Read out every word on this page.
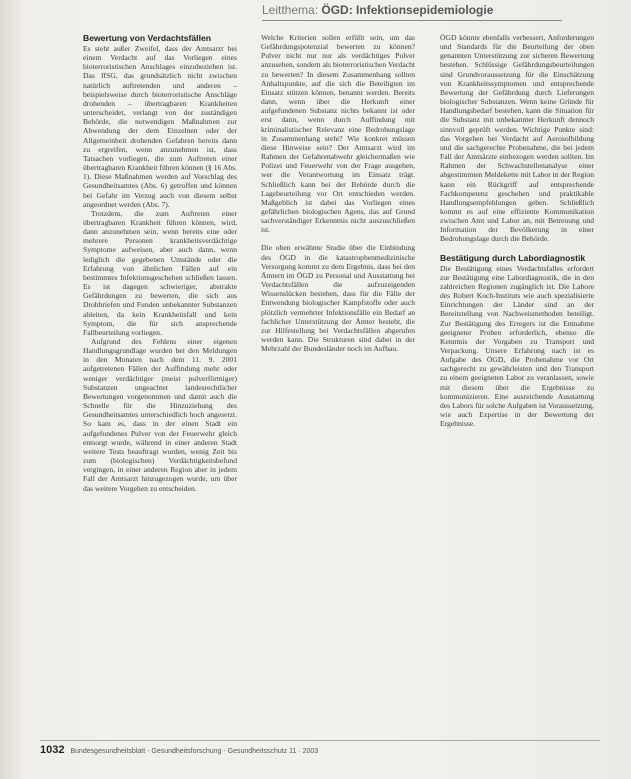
Leitthema: ÖGD: Infektionsepidemiologie
Bewertung von Verdachtsfällen

Es steht außer Zweifel, dass der Amtsarzt bei einem Verdacht auf das Vorliegen eines bioterroristischen Anschlages einzubeziehen ist. Das IfSG, das grundsätzlich nicht zwischen natürlich auftretenden und anderen – beispielsweise durch bioterroristische Anschläge drohenden – übertragbaren Krankheiten unterscheidet, verlangt von der zuständigen Behörde, die notwendigen Maßnahmen zur Abwendung der dem Einzelnen oder der Allgemeinheit drohenden Gefahren bereits dann zu ergreifen, wenn anzunehmen ist, dass Tatsachen vorliegen, die zum Auftreten einer übertragbaren Krankheit führen können (§ 16 Abs. 1). Diese Maßnahmen werden auf Vorschlag des Gesundheitsamtes (Abs. 6) getroffen und können bei Gefahr im Verzug auch von diesem selbst angeordnet werden (Abs. 7).

Trotzdem, die zum Auftreten einer übertragbaren Krankheit führen können, wird, dann anzunehmen sein, wenn bereits eine oder mehrere Personen krankheitsverdächtige Symptome aufweisen, aber auch dann, wenn lediglich die gegebenen Umstände oder die Erfahrung von ähnlichen Fällen auf ein bestimmtes Infektionsgeschehen schließen lassen. Es ist dagegen schwieriger, abstrakte Gefährdungen zu bewerten, die sich aus Drohbriefen und Funden unbekannter Substanzen ableiten, da kein Krankheitsfall und kein Symptom, die für sich ansprechende Fallbeurteilung vorliegen.

Aufgrund des Fehlens einer eigenen Handlungsgrundlage wurden bei den Meldungen in den Monaten nach dem 11. 9. 2001 aufgetretenen Fällen der Auffindung mehr oder weniger verdächtiger (meist pulverförmiger) Substanzen ungeachtet landesrechtlicher Bewertungen vorgenommen und damit auch die Schnelle für die Hinzuziehung des Gesundheitsamtes unterschiedlich hoch angesetzt. So kam es, dass in der einen Stadt ein aufgefundenes Pulver von der Feuerwehr gleich entsorgt wurde, während in einer anderen Stadt weitere Tests beauftragt wurden, wenig Zeit bis zum (biologischen) Verdächtigkeitsbefund vergingen, in einer anderen Region aber in jedem Fall der Amtsarzt hinzugezogen wurde, um über das weitere Vorgehen zu entscheiden.

Welche Kriterien sollen erfüllt sein, um das Gefährdungspotenzial bewerten zu können? Pulver nicht nur nur als verdächtiges Pulver anzusehen, sondern als bioterroristischen Verdacht zu bewerten? In diesem Zusammenhang sollten Anhaltspunkte, auf die sich die Beteiligten im Einsatz stützen können, benannt werden. Bereits dann, wenn über die Herkunft einer aufgefundenen Substanz nichts bekannt ist oder erst dann, wenn durch Auffindung mit kriminalistischer Relevanz eine Bedrohungslage in Zusammenhang steht? Wie konkret müssen diese Hinweise sein? Der Amtsarzt wird im Rahmen der Gefahrenabwehr gleichermaßen wie Polizei und Feuerwehr von der Frage ausgehen, wer die Verantwortung im Einsatz trägt. Schließlich kann bei der Behörde durch die Lagebeurteilung vor Ort entschieden werden. Maßgeblich ist dabei das Vorliegen eines gefährlichen biologischen Agens, das auf Grund sachverständiger Erkenntnis nicht auszuschließen ist.

Die oben erwähnte Studie über die Einbindung des ÖGD in die katastrophenmedizinische Versorgung kommt zu dem Ergebnis, dass bei den Ämtern im ÖGD zu Personal und Ausstattung bei Verdachtsfällen die aufzuzeigenden Wissenslücken bestehen, dass für die Fälle der Entwendung biologischer Kampfstoffe oder auch plötzlich vermehrter Infektionsfälle ein Bedarf an fachlicher Unterstützung der Ämter besteht, die zur Hilfestellung bei Verdachtsfällen abgerufen werden kann. Die Strukturen sind dabei in der Mehrzahl der Bundesländer noch im Aufbau.

ÖGD könnte ebenfalls verbessert, Anforderungen und Standards für die Beurteilung der oben genannten Unterstützung zur sicheren Bewertung bestehen. Schlüssige Gefährdungsbeurteilungen sind Grundvoraussetzung für die Einschätzung von Krankheitssymptomen und entsprechende Bewertung der Gefährdung durch Lieferungen biologischer Substanzen. Wenn keine Gründe für Handlungsbedarf bestehen, kann die Situation für die Substanz mit unbekannter Herkunft dennoch sinnvoll geprüft werden. Wichtige Punkte sind: das Vorgehen bei Verdacht auf Aerosolbildung und die sachgerechte Probenahme, die bei jedem Fall der Amtsärzte einbezogen werden sollten. Im Rahmen der Schwachstellenanalyse einer abgestimmten Meldekette mit Labor in der Region kann ein Rückgriff auf entsprechende Fachkompetenz geschehen und praktikable Handlungsempfehlungen geben. Schließlich kommt es auf eine effiziente Kommunikation zwischen Amt und Labor an, mit Betreuung und Information der Bevölkerung in einer Bedrohungslage durch die Behörde.

Bestätigung durch Labordiagnostik

Die Bestätigung eines Verdachtsfalles erfordert zur Bestätigung eine Labordiagnostik, die in den zahlreichen Regionen zugänglich ist. Die Labore des Robert Koch-Instituts wie auch spezialisierte Einrichtungen der Länder sind an der Bereitstellung von Nachweismethoden beteiligt. Zur Bestätigung des Erregers ist die Entnahme geeigneter Proben erforderlich, ebenso die Kenntnis der Vorgaben zu Transport und Verpackung. Unsere Erfahrung nach ist es Aufgabe des ÖGD, die Probenahme vor Ort sachgerecht zu gewährleisten und den Transport zu einem geeigneten Labor zu veranlassen, sowie mit diesem über die Ergebnisse zu kommunizieren. Eine ausreichende Ausstattung des Labors für solche Aufgaben ist Voraussetzung, wie auch Expertise in der Bewertung der Ergebnisse.

1032 Bundesgesundheitsblatt - Gesundheitsforschung - Gesundheitsschutz 11 · 2003
